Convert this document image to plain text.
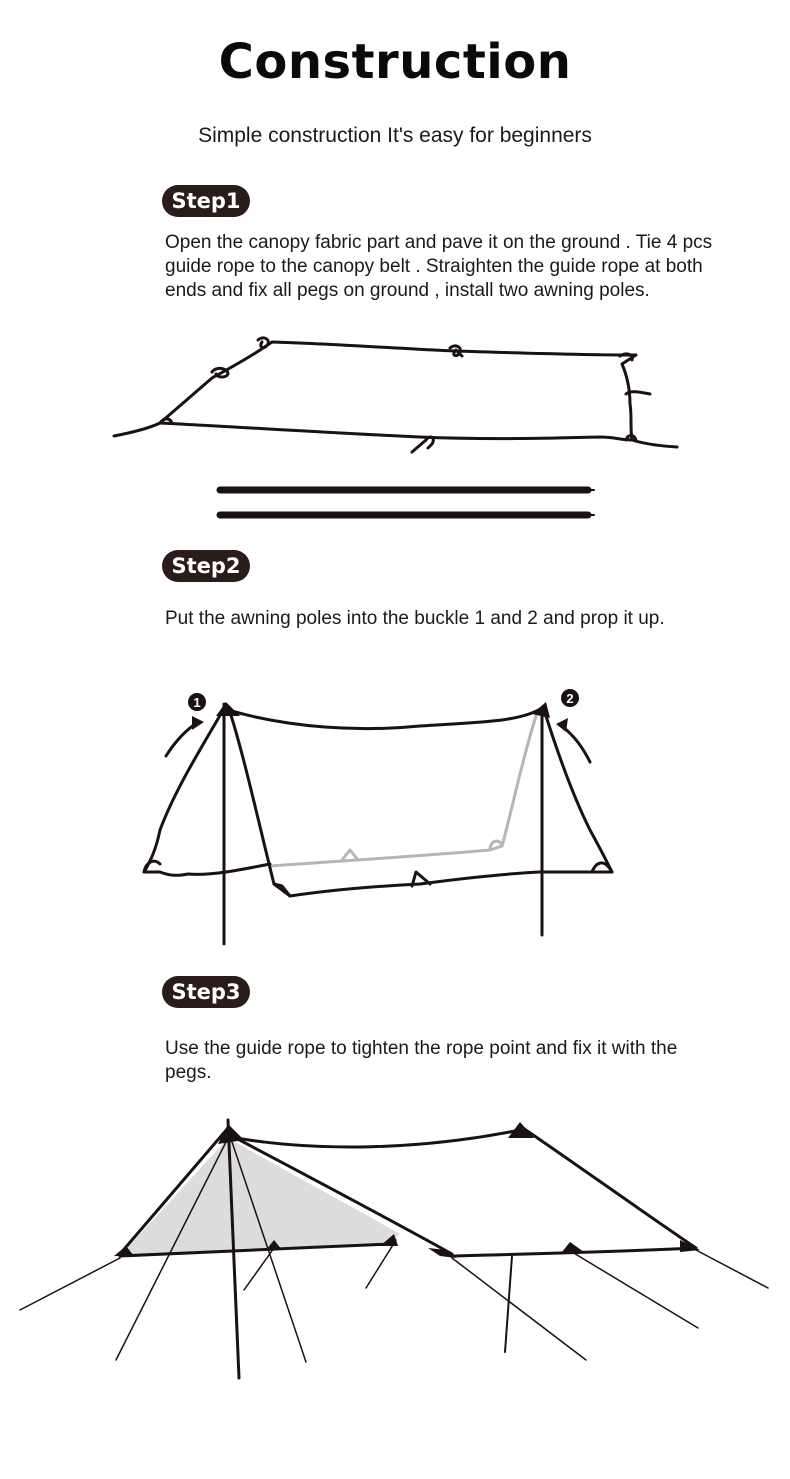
Construction
Simple construction It's easy for beginners
Step1
Open the canopy fabric part and pave it on the ground . Tie 4 pcs guide rope to the canopy belt . Straighten the guide rope at both ends and fix all pegs on ground , install two awning poles.
Step2
Put the awning poles into the buckle 1 and 2 and prop it up.
1	2
Step3
Use the guide rope to tighten the rope point and fix it with the pegs.
